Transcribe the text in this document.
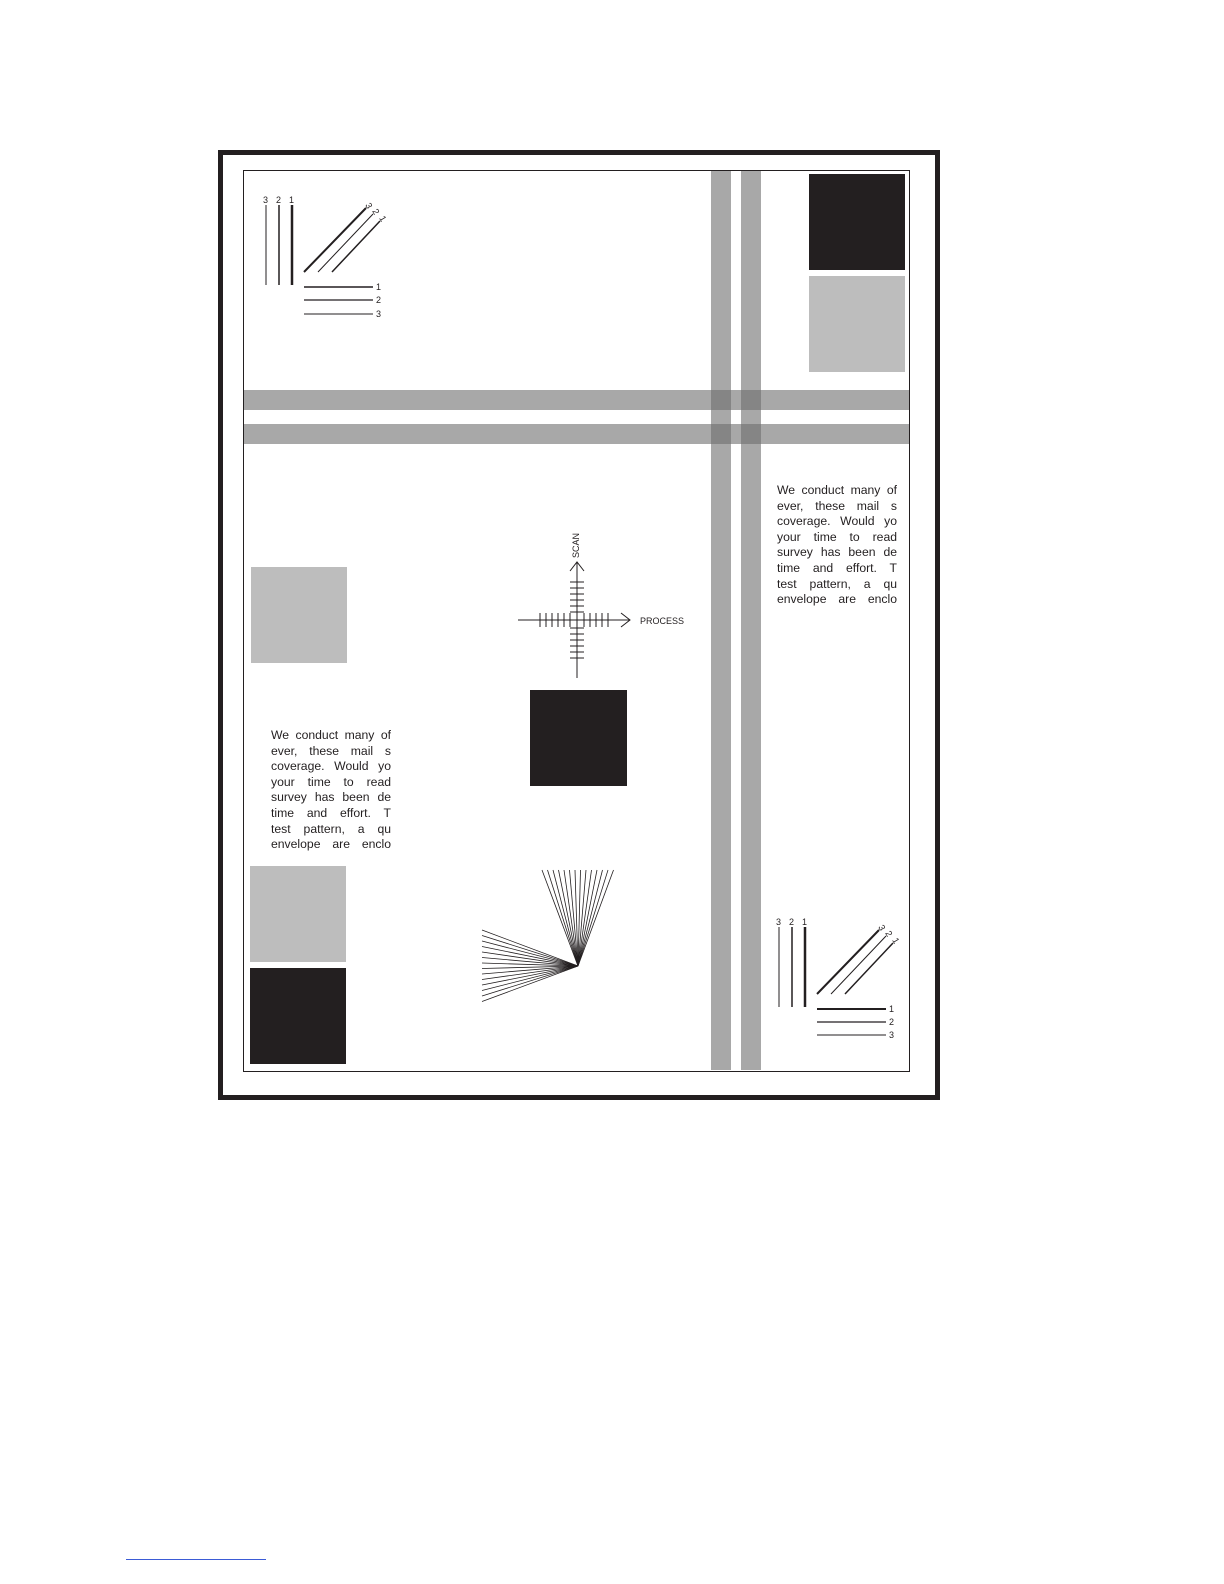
We conduct many of
ever, these mail s
coverage. Would yo
your time to read
survey has been de
time and effort. T
test pattern, a qu
envelope are enclo
We conduct many of
ever, these mail s
coverage. Would yo
your time to read
survey has been de
time and effort. T
test pattern, a qu
envelope are enclo
3 2 1
3
2
1
1
2
3
3 2 1
3
2
1
1
2
3
SCAN
PROCESS
